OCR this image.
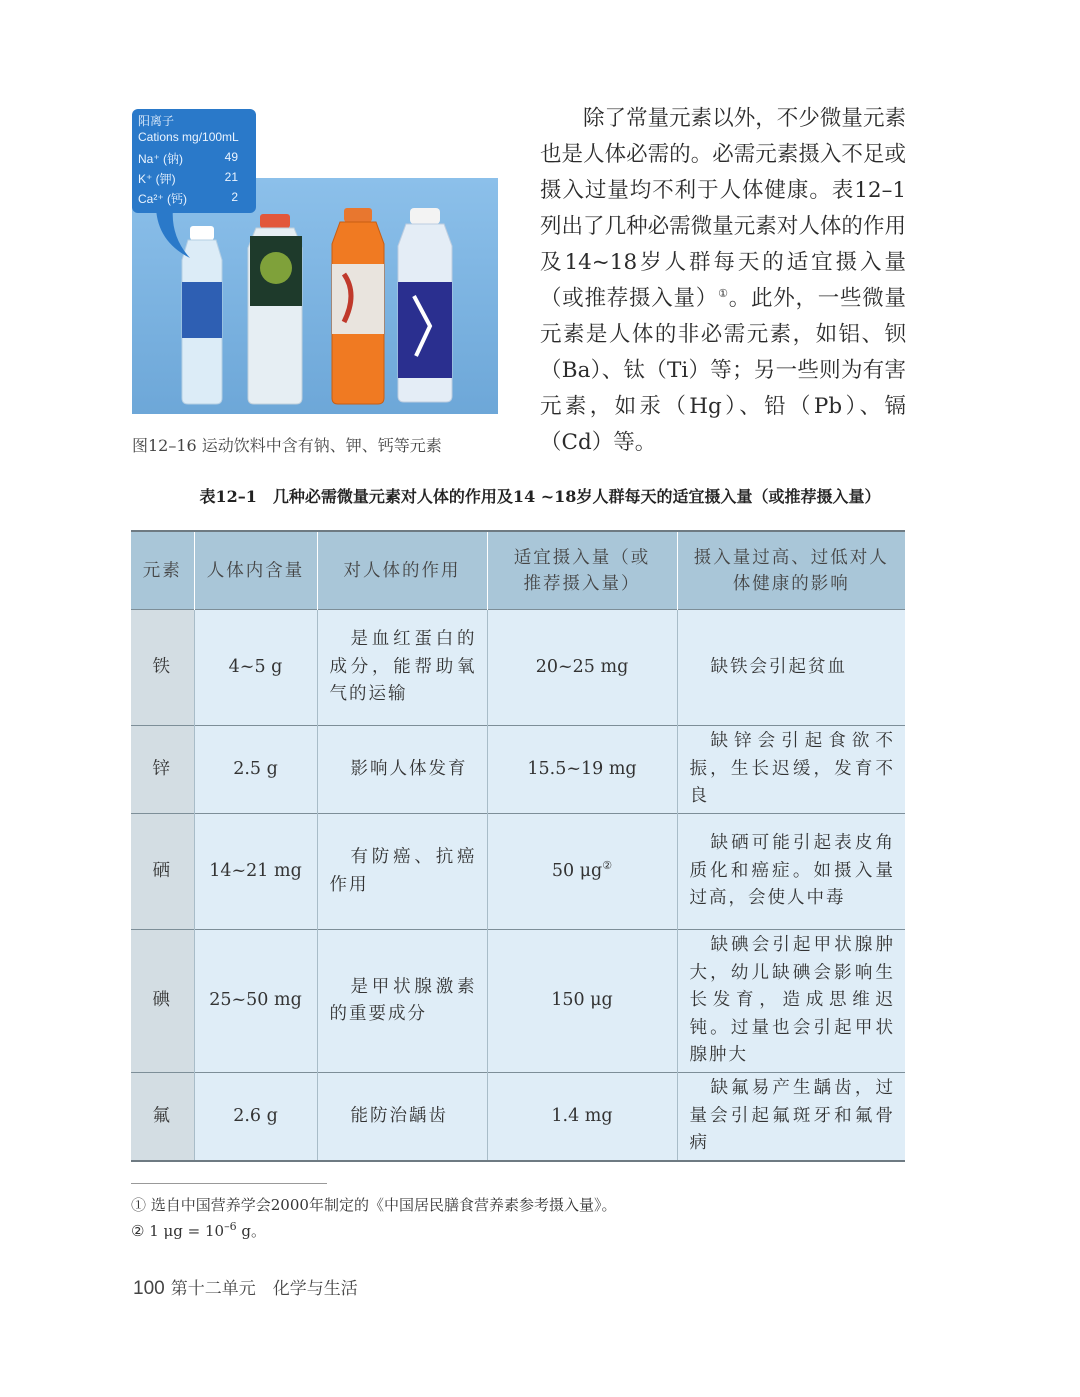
阳离子
Cations mg/100mL
Na⁺ (钠)	49
K⁺ (钾)	21
Ca²⁺ (钙)	2
图12–16 运动饮料中含有钠、钾、钙等元素

除了常量元素以外，不少微量元素也是人体必需的。必需元素摄入不足或摄入过量均不利于人体健康。表12–1列出了几种必需微量元素对人体的作用及14~18岁人群每天的适宜摄入量（或推荐摄入量）①。此外，一些微量元素是人体的非必需元素，如铝、钡（Ba）、钛（Ti）等；另一些则为有害元素，如汞（Hg）、铅（Pb）、镉（Cd）等。

表12–1　几种必需微量元素对人体的作用及14 ~18岁人群每天的适宜摄入量（或推荐摄入量）
元素	人体内含量	对人体的作用	适宜摄入量（或推荐摄入量）	摄入量过高、过低对人体健康的影响
铁	4~5 g	是血红蛋白的成分，能帮助氧气的运输	20~25 mg	缺铁会引起贫血

锌	2.5 g	影响人体发育	15.5~19 mg	缺锌会引起食欲不振，生长迟缓，发育不良

硒	14~21 mg	有防癌、抗癌作用	50 μg②	缺硒可能引起表皮角质化和癌症。如摄入量过高，会使人中毒

碘	25~50 mg	是甲状腺激素的重要成分	150 μg	缺碘会引起甲状腺肿大，幼儿缺碘会影响生长发育，造成思维迟钝。过量也会引起甲状腺肿大

氟	2.6 g	能防治龋齿	1.4 mg	缺氟易产生龋齿，过量会引起氟斑牙和氟骨病
① 选自中国营养学会2000年制定的《中国居民膳食营养素参考摄入量》。
② 1 $\mu g = 10^{-6}$ g。
100 第十二单元　化学与生活
